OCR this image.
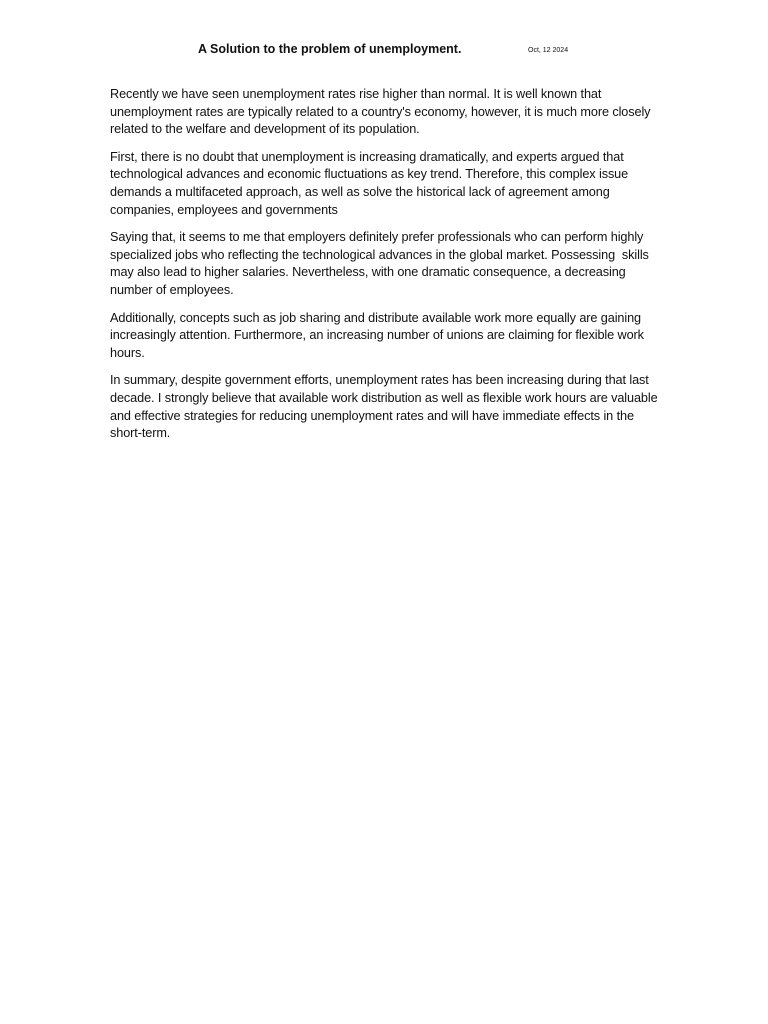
A Solution to the problem of unemployment.	Oct, 12 2024

Recently we have seen unemployment rates rise higher than normal. It is well known that unemployment rates are typically related to a country's economy, however, it is much more closely related to the welfare and development of its population.

First, there is no doubt that unemployment is increasing dramatically, and experts argued that technological advances and economic fluctuations as key trend. Therefore, this complex issue demands a multifaceted approach, as well as solve the historical lack of agreement among companies, employees and governments

Saying that, it seems to me that employers definitely prefer professionals who can perform highly specialized jobs who reflecting the technological advances in the global market. Possessing  skills may also lead to higher salaries. Nevertheless, with one dramatic consequence, a decreasing number of employees.

Additionally, concepts such as job sharing and distribute available work more equally are gaining increasingly attention. Furthermore, an increasing number of unions are claiming for flexible work hours.

In summary, despite government efforts, unemployment rates has been increasing during that last decade. I strongly believe that available work distribution as well as flexible work hours are valuable and effective strategies for reducing unemployment rates and will have immediate effects in the short-term.
